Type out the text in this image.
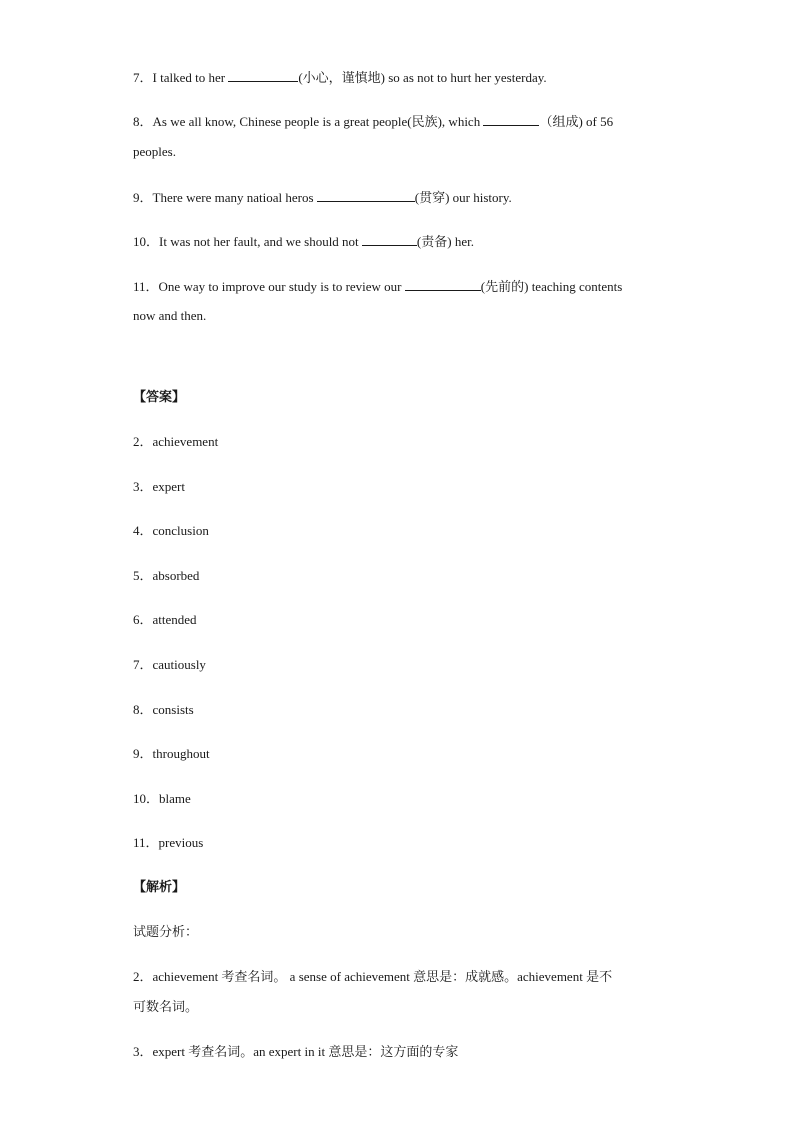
7．I talked to her	(小心，谨慎地) so as not to hurt her yesterday.
8．As we all know, Chinese people is a great people(民族), which	（组成) of 56
peoples.
9．There were many natioal heros	(贯穿) our history.
10．It was not her fault, and we should not	(责备) her.
11．One way to improve our study is to review our	(先前的) teaching contents
now and then.
【答案】
2．achievement
3．expert
4．conclusion
5．absorbed
6．attended
7．cautiously
8．consists
9．throughout
10．blame
11．previous
【解析】
试题分析：
2．achievement 考查名词。 a sense of achievement 意思是：成就感。achievement 是不
可数名词。
3．expert 考查名词。an expert in it 意思是：这方面的专家
